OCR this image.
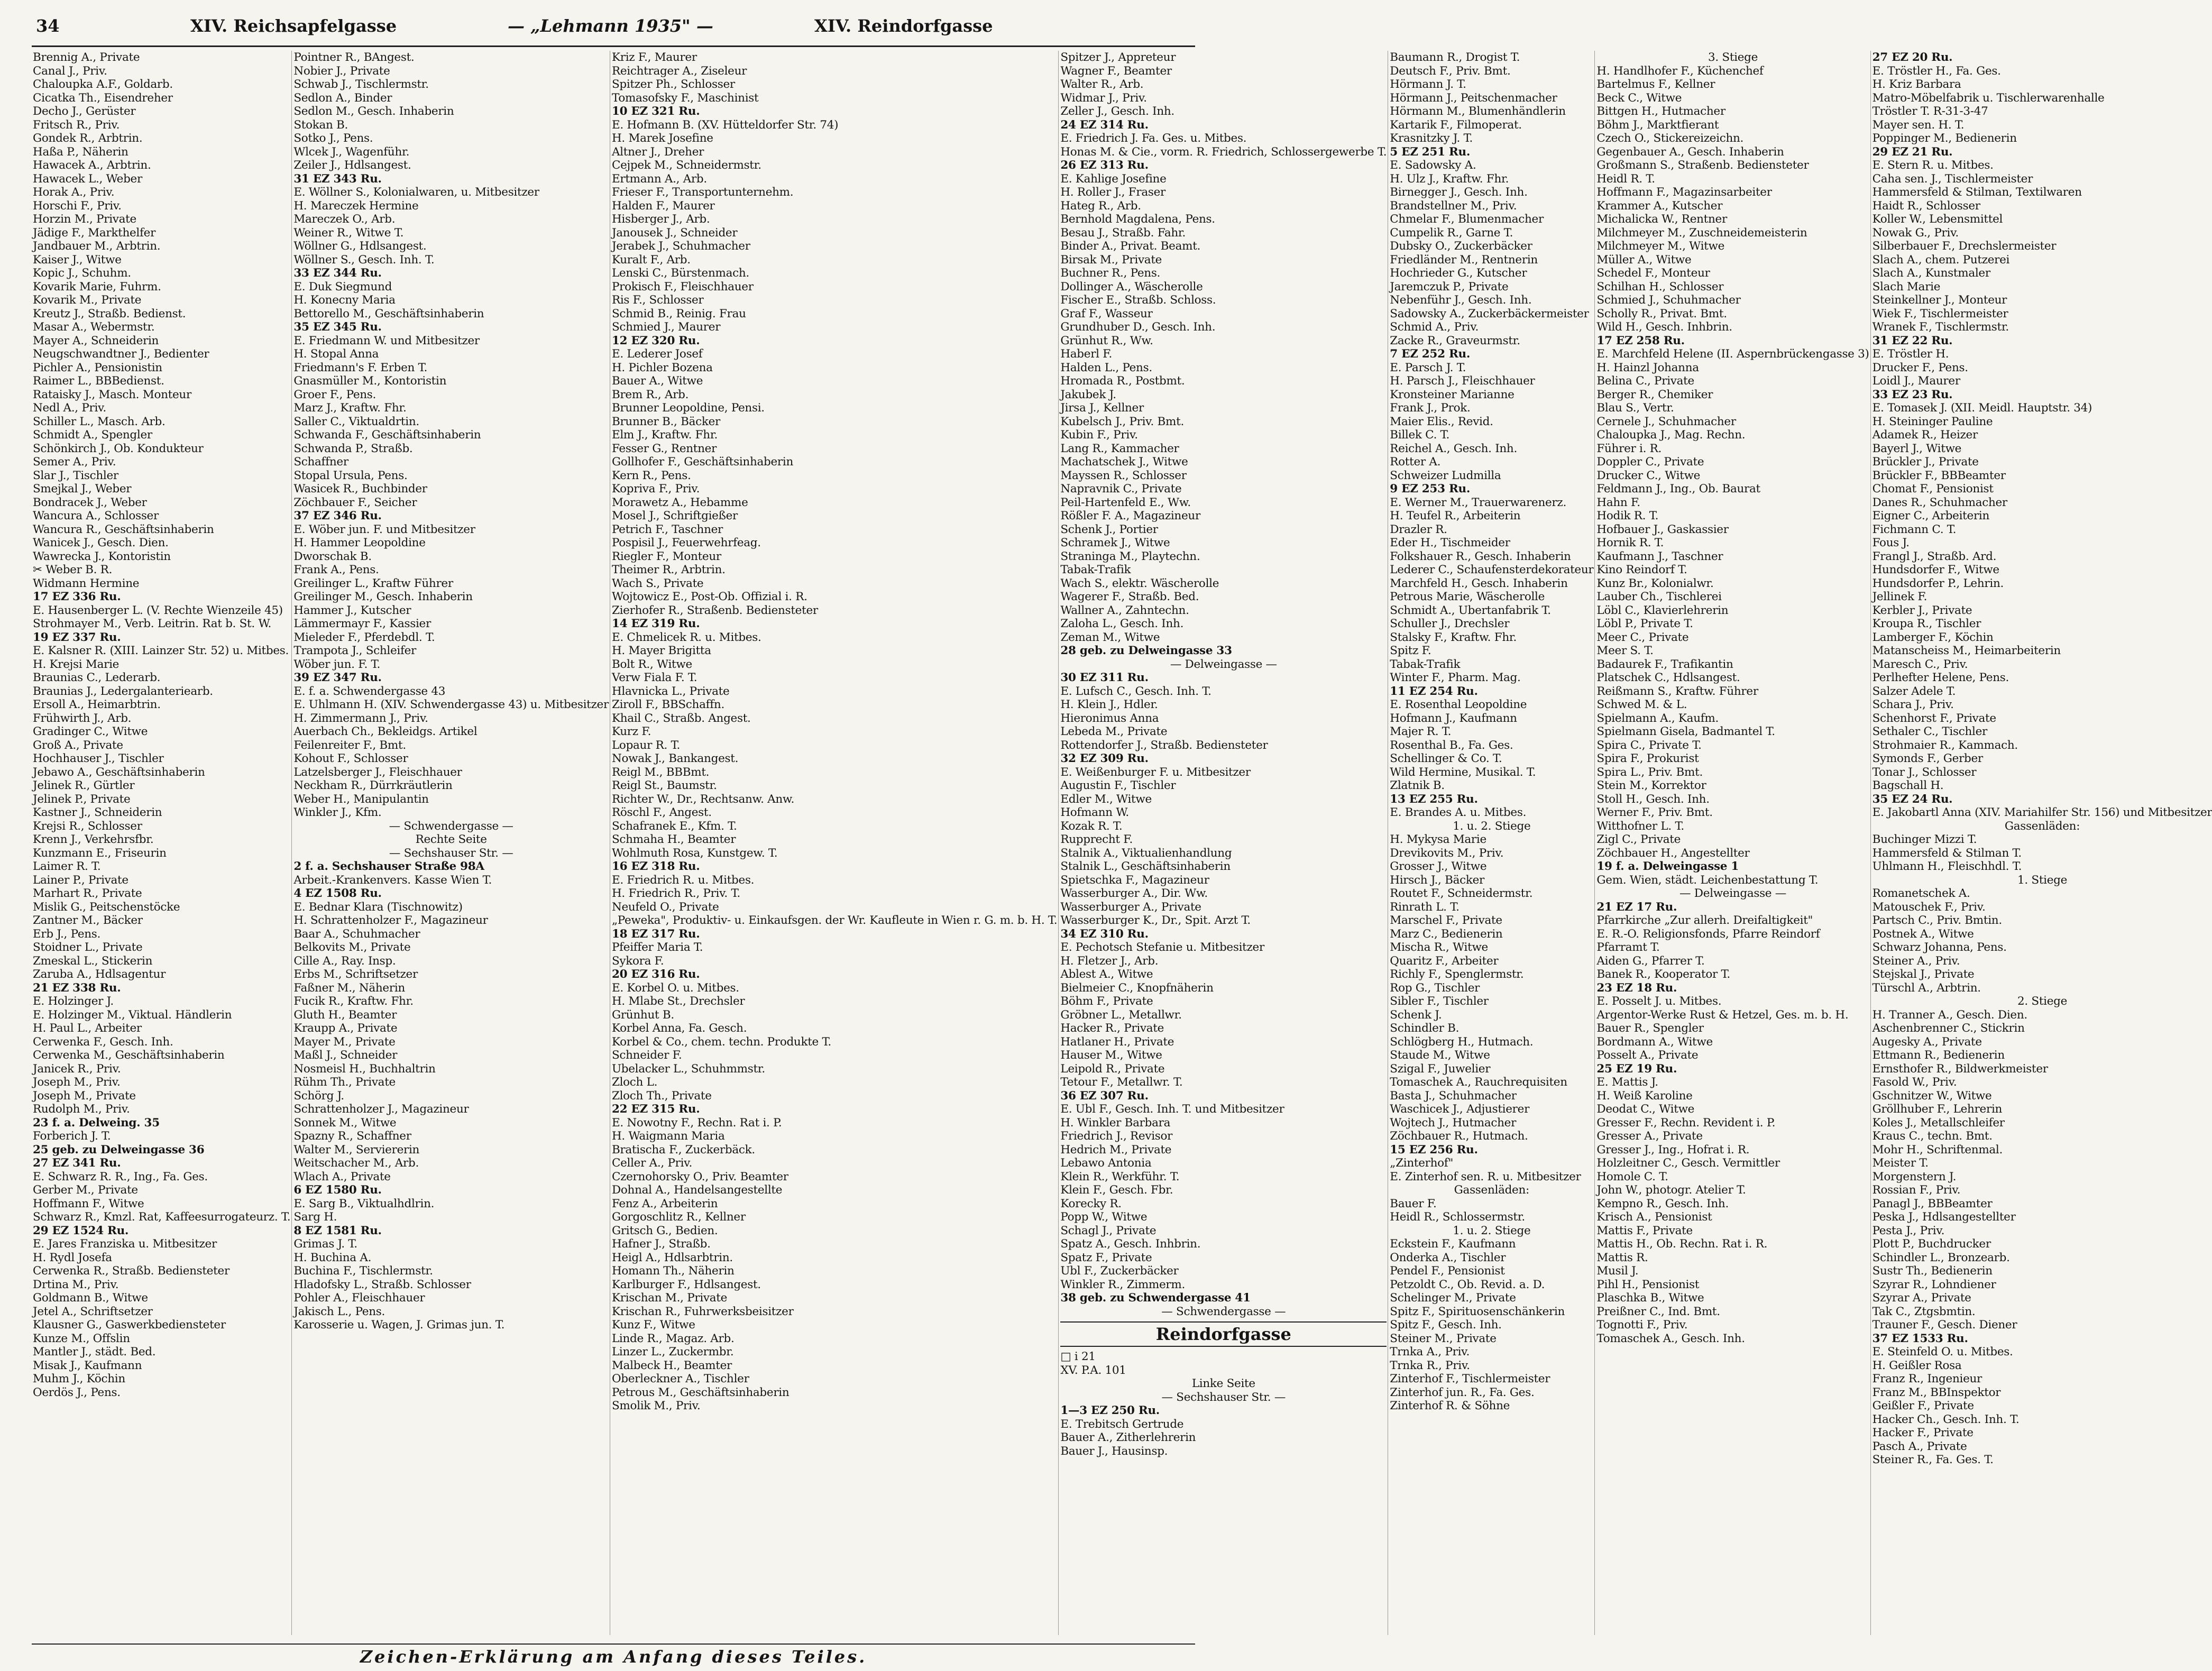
34	XIV. Reichsapfelgasse	— „Lehmann 1935" —	XIV. Reindorfgasse
Brennig A., Private
Canal J., Priv.
Chaloupka A.F., Goldarb.
Cicatka Th., Eisendreher
Decho J., Gerüster
Fritsch R., Priv.
Gondek R., Arbtrin.
Haßa P., Näherin
Hawacek A., Arbtrin.
Hawacek L., Weber
Horak A., Priv.
Horschi F., Priv.
Horzin M., Private
Jädige F., Markthelfer
Jandbauer M., Arbtrin.
Kaiser J., Witwe
Kopic J., Schuhm.
Kovarik Marie, Fuhrm.
Kovarik M., Private
Kreutz J., Straßb. Bedienst.
Masar A., Webermstr.
Mayer A., Schneiderin
Neugschwandtner J., Bedienter
Pichler A., Pensionistin
Raimer L., BBBedienst.
Rataisky J., Masch. Monteur
Nedl A., Priv.
Schiller L., Masch. Arb.
Schmidt A., Spengler
Schönkirch J., Ob. Kondukteur
Semer A., Priv.
Slar J., Tischler
Smejkal J., Weber
Bondracek J., Weber
Wancura A., Schlosser
Wancura R., Geschäftsinhaberin
Wanicek J., Gesch. Dien.
Wawrecka J., Kontoristin
✂ Weber B. R.
Widmann Hermine
17 EZ 336 Ru.
E. Hausenberger L. (V. Rechte Wienzeile 45)
Strohmayer M., Verb. Leitrin. Rat b. St. W.
19 EZ 337 Ru.
E. Kalsner R. (XIII. Lainzer Str. 52) u. Mitbes.
H. Krejsi Marie
Braunias C., Lederarb.
Braunias J., Ledergalanteriearb.
Ersoll A., Heimarbtrin.
Frühwirth J., Arb.
Gradinger C., Witwe
Groß A., Private
Hochhauser J., Tischler
Jebawo A., Geschäftsinhaberin
Jelinek R., Gürtler
Jelinek P., Private
Kastner J., Schneiderin
Krejsi R., Schlosser
Krenn J., Verkehrsfbr.
Kunzmann E., Friseurin
Laimer R. T.
Lainer P., Private
Marhart R., Private
Mislik G., Peitschenstöcke
Zantner M., Bäcker
Erb J., Pens.
Stoidner L., Private
Zmeskal L., Stickerin
Zaruba A., Hdlsagentur
21 EZ 338 Ru.
E. Holzinger J.
E. Holzinger M., Viktual. Händlerin
H. Paul L., Arbeiter
Cerwenka F., Gesch. Inh.
Cerwenka M., Geschäftsinhaberin
Janicek R., Priv.
Joseph M., Priv.
Joseph M., Private
Rudolph M., Priv.
23 f. a. Delweing. 35
Forberich J. T.
25 geb. zu Delweingasse 36
27 EZ 341 Ru.
E. Schwarz R. R., Ing., Fa. Ges.
Gerber M., Private
Hoffmann F., Witwe
Schwarz R., Kmzl. Rat, Kaffeesurrogateurz. T.
29 EZ 1524 Ru.
E. Jares Franziska u. Mitbesitzer
H. Rydl Josefa
Cerwenka R., Straßb. Bediensteter
Drtina M., Priv.
Goldmann B., Witwe
Jetel A., Schriftsetzer
Klausner G., Gaswerkbediensteter
Kunze M., Offslin
Mantler J., städt. Bed.
Misak J., Kaufmann
Muhm J., Köchin
Oerdös J., Pens.
Pointner R., BAngest.
Nobier J., Private
Schwab J., Tischlermstr.
Sedlon A., Binder
Sedlon M., Gesch. Inhaberin
Stokan B.
Sotko J., Pens.
Wlcek J., Wagenführ.
Zeiler J., Hdlsangest.
31 EZ 343 Ru.
E. Wöllner S., Kolonialwaren, u. Mitbesitzer
H. Mareczek Hermine
Mareczek O., Arb.
Weiner R., Witwe T.
Wöllner G., Hdlsangest.
Wöllner S., Gesch. Inh. T.
33 EZ 344 Ru.
E. Duk Siegmund
H. Konecny Maria
Bettorello M., Geschäftsinhaberin
35 EZ 345 Ru.
E. Friedmann W. und Mitbesitzer
H. Stopal Anna
Friedmann's F. Erben T.
Gnasmüller M., Kontoristin
Groer F., Pens.
Marz J., Kraftw. Fhr.
Saller C., Viktualdrtin.
Schwanda F., Geschäftsinhaberin
Schwanda P., Straßb.
Schaffner
Stopal Ursula, Pens.
Wasicek R., Buchbinder
Zöchbauer F., Seicher
37 EZ 346 Ru.
E. Wöber jun. F. und Mitbesitzer
H. Hammer Leopoldine
Dworschak B.
Frank A., Pens.
Greilinger L., Kraftw Führer
Greilinger M., Gesch. Inhaberin
Hammer J., Kutscher
Lämmermayr F., Kassier
Mieleder F., Pferdebdl. T.
Trampota J., Schleifer
Wöber jun. F. T.
39 EZ 347 Ru.
E. f. a. Schwendergasse 43
E. Uhlmann H. (XIV. Schwendergasse 43) u. Mitbesitzer
H. Zimmermann J., Priv.
Auerbach Ch., Bekleidgs. Artikel
Feilenreiter F., Bmt.
Kohout F., Schlosser
Latzelsberger J., Fleischhauer
Neckham R., Dürrkräutlerin
Weber H., Manipulantin
Winkler J., Kfm.
— Schwendergasse —
Rechte Seite
— Sechshauser Str. —
2 f. a. Sechshauser Straße 98A
Arbeit.-Krankenvers. Kasse Wien T.
4 EZ 1508 Ru.
E. Bednar Klara (Tischnowitz)
H. Schrattenholzer F., Magazineur
Baar A., Schuhmacher
Belkovits M., Private
Cille A., Ray. Insp.
Erbs M., Schriftsetzer
Faßner M., Näherin
Fucik R., Kraftw. Fhr.
Gluth H., Beamter
Kraupp A., Private
Mayer M., Private
Maßl J., Schneider
Nosmeisl H., Buchhaltrin
Rühm Th., Private
Schörg J.
Schrattenholzer J., Magazineur
Sonnek M., Witwe
Spazny R., Schaffner
Walter M., Serviererin
Weitschacher M., Arb.
Wlach A., Private
6 EZ 1580 Ru.
E. Sarg B., Viktualhdlrin.
Sarg H.
8 EZ 1581 Ru.
Grimas J. T.
H. Buchina A.
Buchina F., Tischlermstr.
Hladofsky L., Straßb. Schlosser
Pohler A., Fleischhauer
Jakisch L., Pens.
Karosserie u. Wagen, J. Grimas jun. T.
Kriz F., Maurer
Reichtrager A., Ziseleur
Spitzer Ph., Schlosser
Tomasofsky F., Maschinist
10 EZ 321 Ru.
E. Hofmann B. (XV. Hütteldorfer Str. 74)
H. Marek Josefine
Altner J., Dreher
Cejpek M., Schneidermstr.
Ertmann A., Arb.
Frieser F., Transportunternehm.
Halden F., Maurer
Hisberger J., Arb.
Janousek J., Schneider
Jerabek J., Schuhmacher
Kuralt F., Arb.
Lenski C., Bürstenmach.
Prokisch F., Fleischhauer
Ris F., Schlosser
Schmid B., Reinig. Frau
Schmied J., Maurer
12 EZ 320 Ru.
E. Lederer Josef
H. Pichler Bozena
Bauer A., Witwe
Brem R., Arb.
Brunner Leopoldine, Pensi.
Brunner B., Bäcker
Elm J., Kraftw. Fhr.
Fesser G., Rentner
Gollhofer F., Geschäftsinhaberin
Kern R., Pens.
Kopriva F., Priv.
Morawetz A., Hebamme
Mosel J., Schriftgießer
Petrich F., Taschner
Pospisil J., Feuerwehrfeag.
Riegler F., Monteur
Theimer R., Arbtrin.
Wach S., Private
Wojtowicz E., Post-Ob. Offizial i. R.
Zierhofer R., Straßenb. Bediensteter
14 EZ 319 Ru.
E. Chmelicek R. u. Mitbes.
H. Mayer Brigitta
Bolt R., Witwe
Verw Fiala F. T.
Hlavnicka L., Private
Ziroll F., BBSchaffn.
Khail C., Straßb. Angest.
Kurz F.
Lopaur R. T.
Nowak J., Bankangest.
Reigl M., BBBmt.
Reigl St., Baumstr.
Richter W., Dr., Rechtsanw. Anw.
Röschl F., Angest.
Schafranek E., Kfm. T.
Schmaha H., Beamter
Wohlmuth Rosa, Kunstgew. T.
16 EZ 318 Ru.
E. Friedrich R. u. Mitbes.
H. Friedrich R., Priv. T.
Neufeld O., Private
„Peweka", Produktiv- u. Einkaufsgen. der Wr. Kaufleute in Wien r. G. m. b. H. T.
18 EZ 317 Ru.
Pfeiffer Maria T.
Sykora F.
20 EZ 316 Ru.
E. Korbel O. u. Mitbes.
H. Mlabe St., Drechsler
Grünhut B.
Korbel Anna, Fa. Gesch.
Korbel & Co., chem. techn. Produkte T.
Schneider F.
Ubelacker L., Schuhmmstr.
Zloch L.
Zloch Th., Private
22 EZ 315 Ru.
E. Nowotny F., Rechn. Rat i. P.
H. Waigmann Maria
Bratischa F., Zuckerbäck.
Celler A., Priv.
Czernohorsky O., Priv. Beamter
Dohnal A., Handelsangestellte
Fenz A., Arbeiterin
Gorgoschlitz R., Kellner
Gritsch G., Bedien.
Hafner J., Straßb.
Heigl A., Hdlsarbtrin.
Homann Th., Näherin
Karlburger F., Hdlsangest.
Krischan M., Private
Krischan R., Fuhrwerksbeisitzer
Kunz F., Witwe
Linde R., Magaz. Arb.
Linzer L., Zuckermbr.
Malbeck H., Beamter
Oberleckner A., Tischler
Petrous M., Geschäftsinhaberin
Smolik M., Priv.
Spitzer J., Appreteur
Wagner F., Beamter
Walter R., Arb.
Widmar J., Priv.
Zeller J., Gesch. Inh.
24 EZ 314 Ru.
E. Friedrich J. Fa. Ges. u. Mitbes.
Honas M. & Cie., vorm. R. Friedrich, Schlossergewerbe T.
26 EZ 313 Ru.
E. Kahlige Josefine
H. Roller J., Fraser
Hateg R., Arb.
Bernhold Magdalena, Pens.
Besau J., Straßb. Fahr.
Binder A., Privat. Beamt.
Birsak M., Private
Buchner R., Pens.
Dollinger A., Wäscherolle
Fischer E., Straßb. Schloss.
Graf F., Wasseur
Grundhuber D., Gesch. Inh.
Grünhut R., Ww.
Haberl F.
Halden L., Pens.
Hromada R., Postbmt.
Jakubek J.
Jirsa J., Kellner
Kubelsch J., Priv. Bmt.
Kubin F., Priv.
Lang R., Kammacher
Machatschek J., Witwe
Mayssen R., Schlosser
Napravnik C., Private
Peil-Hartenfeld E., Ww.
Rößler F. A., Magazineur
Schenk J., Portier
Schramek J., Witwe
Straninga M., Playtechn.
Tabak-Trafik
Wach S., elektr. Wäscherolle
Wagerer F., Straßb. Bed.
Wallner A., Zahntechn.
Zaloha L., Gesch. Inh.
Zeman M., Witwe
28 geb. zu Delweingasse 33
— Delweingasse —
30 EZ 311 Ru.
E. Lufsch C., Gesch. Inh. T.
H. Klein J., Hdler.
Hieronimus Anna
Lebeda M., Private
Rottendorfer J., Straßb. Bediensteter
32 EZ 309 Ru.
E. Weißenburger F. u. Mitbesitzer
Augustin F., Tischler
Edler M., Witwe
Hofmann W.
Kozak R. T.
Rupprecht F.
Stalnik A., Viktualienhandlung
Stalnik L., Geschäftsinhaberin
Spietschka F., Magazineur
Wasserburger A., Dir. Ww.
Wasserburger A., Private
Wasserburger K., Dr., Spit. Arzt T.
34 EZ 310 Ru.
E. Pechotsch Stefanie u. Mitbesitzer
H. Fletzer J., Arb.
Ablest A., Witwe
Bielmeier C., Knopfnäherin
Böhm F., Private
Gröbner L., Metallwr.
Hacker R., Private
Hatlaner H., Private
Hauser M., Witwe
Leipold R., Private
Tetour F., Metallwr. T.
36 EZ 307 Ru.
E. Ubl F., Gesch. Inh. T. und Mitbesitzer
H. Winkler Barbara
Friedrich J., Revisor
Hedrich M., Private
Lebawo Antonia
Klein R., Werkführ. T.
Klein F., Gesch. Fbr.
Korecky R.
Popp W., Witwe
Schagl J., Private
Spatz A., Gesch. Inhbrin.
Spatz F., Private
Ubl F., Zuckerbäcker
Winkler R., Zimmerm.
38 geb. zu Schwendergasse 41
— Schwendergasse —
Reindorfgasse
□ i 21
XV. P.A. 101
Linke Seite
— Sechshauser Str. —
1—3 EZ 250 Ru.
E. Trebitsch Gertrude
Bauer A., Zitherlehrerin
Bauer J., Hausinsp.
Baumann R., Drogist T.
Deutsch F., Priv. Bmt.
Hörmann J. T.
Hörmann J., Peitschenmacher
Hörmann M., Blumenhändlerin
Kartarik F., Filmoperat.
Krasnitzky J. T.
5 EZ 251 Ru.
E. Sadowsky A.
H. Ulz J., Kraftw. Fhr.
Birnegger J., Gesch. Inh.
Brandstellner M., Priv.
Chmelar F., Blumenmacher
Cumpelik R., Garne T.
Dubsky O., Zuckerbäcker
Friedländer M., Rentnerin
Hochrieder G., Kutscher
Jaremczuk P., Private
Nebenführ J., Gesch. Inh.
Sadowsky A., Zuckerbäckermeister
Schmid A., Priv.
Zacke R., Graveurmstr.
7 EZ 252 Ru.
E. Parsch J. T.
H. Parsch J., Fleischhauer
Kronsteiner Marianne
Frank J., Prok.
Maier Elis., Revid.
Billek C. T.
Reichel A., Gesch. Inh.
Rotter A.
Schweizer Ludmilla
9 EZ 253 Ru.
E. Werner M., Trauerwarenerz.
H. Teufel R., Arbeiterin
Drazler R.
Eder H., Tischmeider
Folkshauer R., Gesch. Inhaberin
Lederer C., Schaufensterdekorateur
Marchfeld H., Gesch. Inhaberin
Petrous Marie, Wäscherolle
Schmidt A., Ubertanfabrik T.
Schuller J., Drechsler
Stalsky F., Kraftw. Fhr.
Spitz F.
Tabak-Trafik
Winter F., Pharm. Mag.
11 EZ 254 Ru.
E. Rosenthal Leopoldine
Hofmann J., Kaufmann
Majer R. T.
Rosenthal B., Fa. Ges.
Schellinger & Co. T.
Wild Hermine, Musikal. T.
Zlatnik B.
13 EZ 255 Ru.
E. Brandes A. u. Mitbes.
1. u. 2. Stiege
H. Mykysa Marie
Drevikovits M., Priv.
Grosser J., Witwe
Hirsch J., Bäcker
Routet F., Schneidermstr.
Rinrath L. T.
Marschel F., Private
Marz C., Bedienerin
Mischa R., Witwe
Quaritz F., Arbeiter
Richly F., Spenglermstr.
Rop G., Tischler
Sibler F., Tischler
Schenk J.
Schindler B.
Schlögberg H., Hutmach.
Staude M., Witwe
Szigal F., Juwelier
Tomaschek A., Rauchrequisiten
Basta J., Schuhmacher
Waschicek J., Adjustierer
Wojtech J., Hutmacher
Zöchbauer R., Hutmach.
15 EZ 256 Ru.
„Zinterhof"
E. Zinterhof sen. R. u. Mitbesitzer
Gassenläden:
Bauer F.
Heidl R., Schlossermstr.
1. u. 2. Stiege
Eckstein F., Kaufmann
Onderka A., Tischler
Pendel F., Pensionist
Petzoldt C., Ob. Revid. a. D.
Schelinger M., Private
Spitz F., Spirituosenschänkerin
Spitz F., Gesch. Inh.
Steiner M., Private
Trnka A., Priv.
Trnka R., Priv.
Zinterhof F., Tischlermeister
Zinterhof jun. R., Fa. Ges.
Zinterhof R. & Söhne
3. Stiege
H. Handlhofer F., Küchenchef
Bartelmus F., Kellner
Beck C., Witwe
Bittgen H., Hutmacher
Böhm J., Marktfierant
Czech O., Stickereizeichn.
Gegenbauer A., Gesch. Inhaberin
Großmann S., Straßenb. Bediensteter
Heidl R. T.
Hoffmann F., Magazinsarbeiter
Krammer A., Kutscher
Michalicka W., Rentner
Milchmeyer M., Zuschneidemeisterin
Milchmeyer M., Witwe
Müller A., Witwe
Schedel F., Monteur
Schilhan H., Schlosser
Schmied J., Schuhmacher
Scholly R., Privat. Bmt.
Wild H., Gesch. Inhbrin.
17 EZ 258 Ru.
E. Marchfeld Helene (II. Aspernbrückengasse 3)
H. Hainzl Johanna
Belina C., Private
Berger R., Chemiker
Blau S., Vertr.
Cernele J., Schuhmacher
Chaloupka J., Mag. Rechn.
Führer i. R.
Doppler C., Private
Drucker C., Witwe
Feldmann J., Ing., Ob. Baurat
Hahn F.
Hodik R. T.
Hofbauer J., Gaskassier
Hornik R. T.
Kaufmann J., Taschner
Kino Reindorf T.
Kunz Br., Kolonialwr.
Lauber Ch., Tischlerei
Löbl C., Klavierlehrerin
Löbl P., Private T.
Meer C., Private
Meer S. T.
Badaurek F., Trafikantin
Platschek C., Hdlsangest.
Reißmann S., Kraftw. Führer
Schwed M. & L.
Spielmann A., Kaufm.
Spielmann Gisela, Badmantel T.
Spira C., Private T.
Spira F., Prokurist
Spira L., Priv. Bmt.
Stein M., Korrektor
Stoll H., Gesch. Inh.
Werner F., Priv. Bmt.
Witthofner L. T.
Zigl C., Private
Zöchbauer H., Angestellter
19 f. a. Delweingasse 1
Gem. Wien, städt. Leichenbestattung T.
— Delweingasse —
21 EZ 17 Ru.
Pfarrkirche „Zur allerh. Dreifaltigkeit"
E. R.-O. Religionsfonds, Pfarre Reindorf
Pfarramt T.
Aiden G., Pfarrer T.
Banek R., Kooperator T.
23 EZ 18 Ru.
E. Posselt J. u. Mitbes.
Argentor-Werke Rust & Hetzel, Ges. m. b. H.
Bauer R., Spengler
Bordmann A., Witwe
Posselt A., Private
25 EZ 19 Ru.
E. Mattis J.
H. Weiß Karoline
Deodat C., Witwe
Gresser F., Rechn. Revident i. P.
Gresser A., Private
Gresser J., Ing., Hofrat i. R.
Holzleitner C., Gesch. Vermittler
Homole C. T.
John W., photogr. Atelier T.
Kempno R., Gesch. Inh.
Krisch A., Pensionist
Mattis F., Private
Mattis H., Ob. Rechn. Rat i. R.
Mattis R.
Musil J.
Pihl H., Pensionist
Plaschka B., Witwe
Preißner C., Ind. Bmt.
Tognotti F., Priv.
Tomaschek A., Gesch. Inh.
27 EZ 20 Ru.
E. Tröstler H., Fa. Ges.
H. Kriz Barbara
Matro-Möbelfabrik u. Tischlerwarenhalle
Tröstler T. R-31-3-47
Mayer sen. H. T.
Poppinger M., Bedienerin
29 EZ 21 Ru.
E. Stern R. u. Mitbes.
Caha sen. J., Tischlermeister
Hammersfeld & Stilman, Textilwaren
Haidt R., Schlosser
Koller W., Lebensmittel
Nowak G., Priv.
Silberbauer F., Drechslermeister
Slach A., chem. Putzerei
Slach A., Kunstmaler
Slach Marie
Steinkellner J., Monteur
Wiek F., Tischlermeister
Wranek F., Tischlermstr.
31 EZ 22 Ru.
E. Tröstler H.
Drucker F., Pens.
Loidl J., Maurer
33 EZ 23 Ru.
E. Tomasek J. (XII. Meidl. Hauptstr. 34)
H. Steininger Pauline
Adamek R., Heizer
Bayerl J., Witwe
Brückler J., Private
Brückler F., BBBeamter
Chomat F., Pensionist
Danes R., Schuhmacher
Eigner C., Arbeiterin
Fichmann C. T.
Fous J.
Frangl J., Straßb. Ard.
Hundsdorfer F., Witwe
Hundsdorfer P., Lehrin.
Jellinek F.
Kerbler J., Private
Kroupa R., Tischler
Lamberger F., Köchin
Matanscheiss M., Heimarbeiterin
Maresch C., Priv.
Perlhefter Helene, Pens.
Salzer Adele T.
Schara J., Priv.
Schenhorst F., Private
Sethaler C., Tischler
Strohmaier R., Kammach.
Symonds F., Gerber
Tonar J., Schlosser
Bagschall H.
35 EZ 24 Ru.
E. Jakobartl Anna (XIV. Mariahilfer Str. 156) und Mitbesitzer
Gassenläden:
Buchinger Mizzi T.
Hammersfeld & Stilman T.
Uhlmann H., Fleischhdl. T.
1. Stiege
Romanetschek A.
Matouschek F., Priv.
Partsch C., Priv. Bmtin.
Postnek A., Witwe
Schwarz Johanna, Pens.
Steiner A., Priv.
Stejskal J., Private
Türschl A., Arbtrin.
2. Stiege
H. Tranner A., Gesch. Dien.
Aschenbrenner C., Stickrin
Augesky A., Private
Ettmann R., Bedienerin
Ernsthofer R., Bildwerkmeister
Fasold W., Priv.
Gschnitzer W., Witwe
Gröllhuber F., Lehrerin
Koles J., Metallschleifer
Kraus C., techn. Bmt.
Mohr H., Schriftenmal.
Meister T.
Morgenstern J.
Rossian F., Priv.
Panagl J., BBBeamter
Peska J., Hdlsangestellter
Pesta J., Priv.
Plott P., Buchdrucker
Schindler L., Bronzearb.
Sustr Th., Bedienerin
Szyrar R., Lohndiener
Szyrar A., Private
Tak C., Ztgsbmtin.
Trauner F., Gesch. Diener
37 EZ 1533 Ru.
E. Steinfeld O. u. Mitbes.
H. Geißler Rosa
Franz R., Ingenieur
Franz M., BBInspektor
Geißler F., Private
Hacker Ch., Gesch. Inh. T.
Hacker F., Private
Pasch A., Private
Steiner R., Fa. Ges. T.
Zeichen-Erklärung am Anfang dieses Teiles.
